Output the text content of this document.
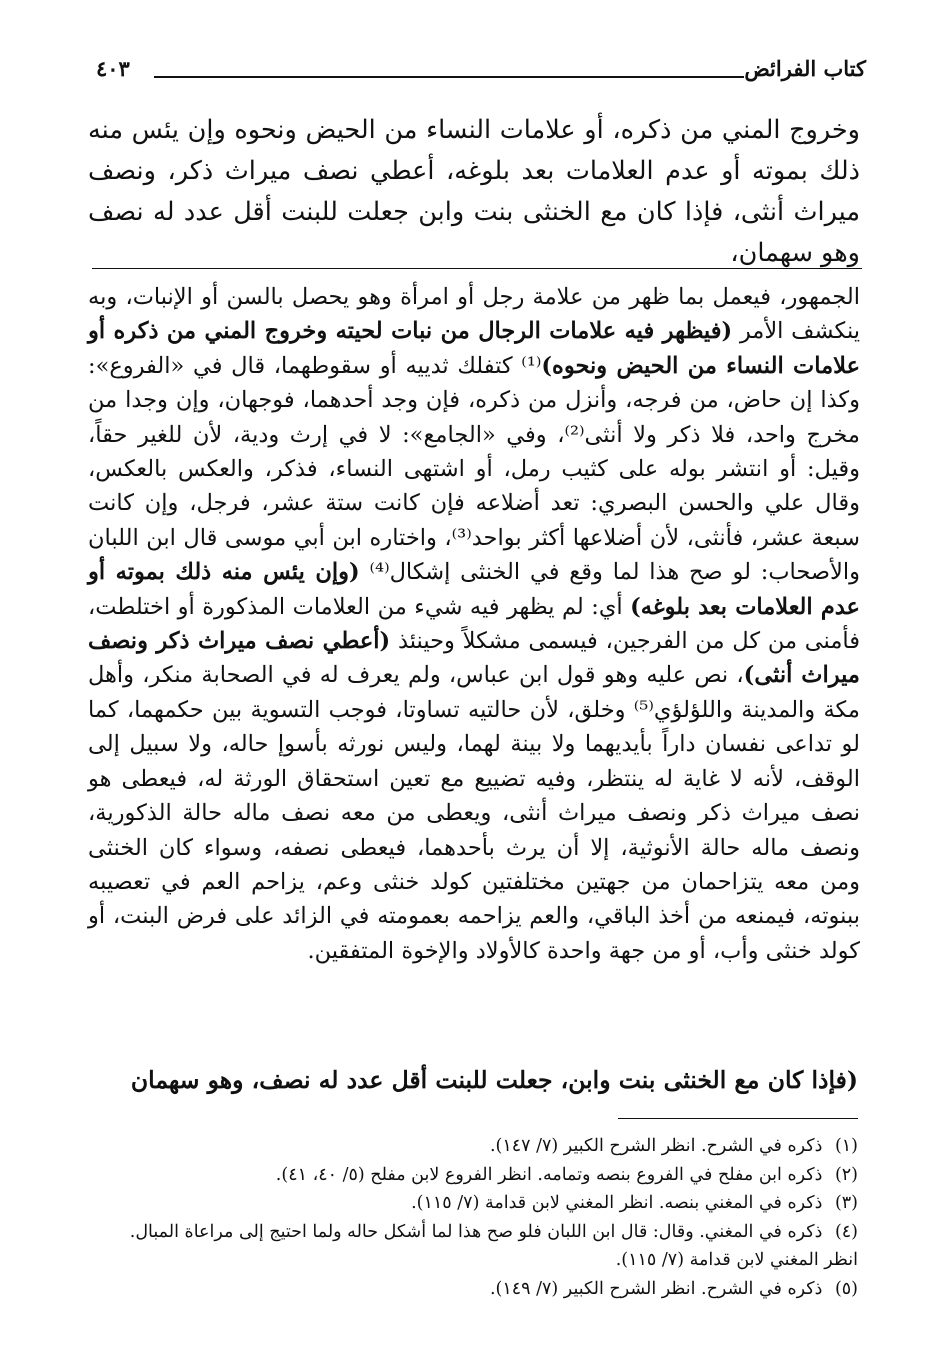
كتاب الفرائض
٤٠٣

وخروج المني من ذكره، أو علامات النساء من الحيض ونحوه وإن يئس منه ذلك بموته أو عدم العلامات بعد بلوغه، أعطي نصف ميراث ذكر، ونصف ميراث أنثى، فإذا كان مع الخنثى بنت وابن جعلت للبنت أقل عدد له نصف وهو سهمان،

الجمهور، فيعمل بما ظهر من علامة رجل أو امرأة وهو يحصل بالسن أو الإنبات، وبه ينكشف الأمر (فيظهر فيه علامات الرجال من نبات لحيته وخروج المني من ذكره أو علامات النساء من الحيض ونحوه)⁽¹⁾ كتفلك ثدييه أو سقوطهما، قال في «الفروع»: وكذا إن حاض، من فرجه، وأنزل من ذكره، فإن وجد أحدهما، فوجهان، وإن وجدا من مخرج واحد، فلا ذكر ولا أنثى⁽²⁾، وفي «الجامع»: لا في إرث ودية، لأن للغير حقاً، وقيل: أو انتشر بوله على كثيب رمل، أو اشتهى النساء، فذكر، والعكس بالعكس، وقال علي والحسن البصري: تعد أضلاعه فإن كانت ستة عشر، فرجل، وإن كانت سبعة عشر، فأنثى، لأن أضلاعها أكثر بواحد⁽³⁾، واختاره ابن أبي موسى قال ابن اللبان والأصحاب: لو صح هذا لما وقع في الخنثى إشكال⁽⁴⁾ (وإن يئس منه ذلك بموته أو عدم العلامات بعد بلوغه) أي: لم يظهر فيه شيء من العلامات المذكورة أو اختلطت، فأمنى من كل من الفرجين، فيسمى مشكلاً وحينئذ (أعطي نصف ميراث ذكر ونصف ميراث أنثى)، نص عليه وهو قول ابن عباس، ولم يعرف له في الصحابة منكر، وأهل مكة والمدينة واللؤلؤي⁽⁵⁾ وخلق، لأن حالتيه تساوتا، فوجب التسوية بين حكمهما، كما لو تداعى نفسان داراً بأيديهما ولا بينة لهما، وليس نورثه بأسوإ حاله، ولا سبيل إلى الوقف، لأنه لا غاية له ينتظر، وفيه تضييع مع تعين استحقاق الورثة له، فيعطى هو نصف ميراث ذكر ونصف ميراث أنثى، ويعطى من معه نصف ماله حالة الذكورية، ونصف ماله حالة الأنوثية، إلا أن يرث بأحدهما، فيعطى نصفه، وسواء كان الخنثى ومن معه يتزاحمان من جهتين مختلفتين كولد خنثى وعم، يزاحم العم في تعصيبه ببنوته، فيمنعه من أخذ الباقي، والعم يزاحمه بعمومته في الزائد على فرض البنت، أو كولد خنثى وأب، أو من جهة واحدة كالأولاد والإخوة المتفقين.

(فإذا كان مع الخنثى بنت وابن، جعلت للبنت أقل عدد له نصف، وهو سهمان
(١) ذكره في الشرح. انظر الشرح الكبير (٧/ ١٤٧).
(٢) ذكره ابن مفلح في الفروع بنصه وتمامه. انظر الفروع لابن مفلح (٥/ ٤٠، ٤١).
(٣) ذكره في المغني بنصه. انظر المغني لابن قدامة (٧/ ١١٥).
(٤) ذكره في المغني. وقال: قال ابن اللبان فلو صح هذا لما أشكل حاله ولما احتيج إلى مراعاة المبال.
انظر المغني لابن قدامة (٧/ ١١٥).
(٥) ذكره في الشرح. انظر الشرح الكبير (٧/ ١٤٩).
